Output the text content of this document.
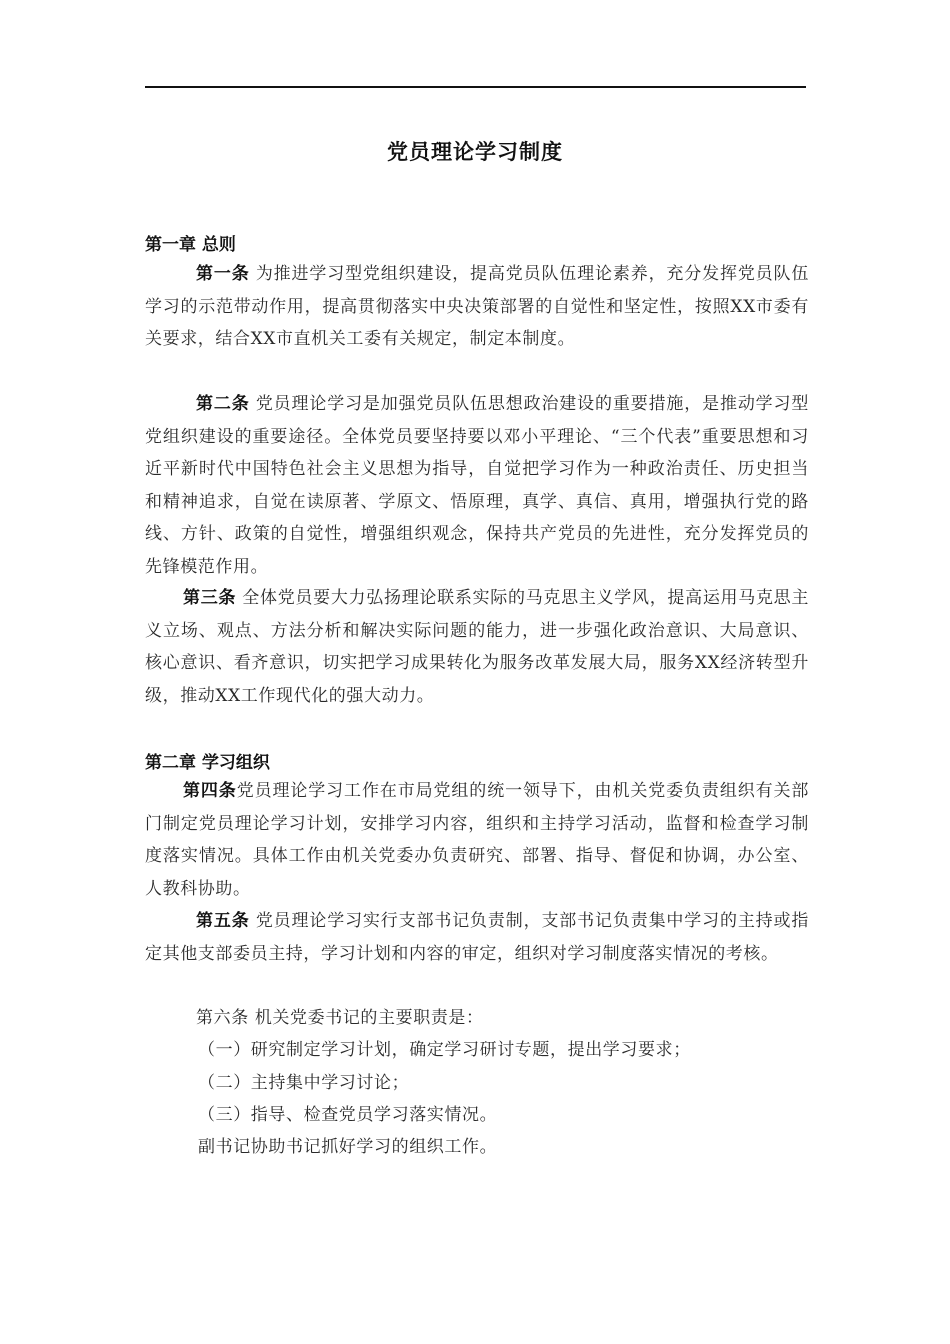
党员理论学习制度
第一章 总则

第一条 为推进学习型党组织建设，提高党员队伍理论素养，充分发挥党员队伍学习的示范带动作用，提高贯彻落实中央决策部署的自觉性和坚定性，按照XX市委有关要求，结合XX市直机关工委有关规定，制定本制度。

第二条 党员理论学习是加强党员队伍思想政治建设的重要措施，是推动学习型党组织建设的重要途径。全体党员要坚持要以邓小平理论、“三个代表”重要思想和习近平新时代中国特色社会主义思想为指导，自觉把学习作为一种政治责任、历史担当和精神追求，自觉在读原著、学原文、悟原理，真学、真信、真用，增强执行党的路线、方针、政策的自觉性，增强组织观念，保持共产党员的先进性，充分发挥党员的先锋模范作用。

第三条 全体党员要大力弘扬理论联系实际的马克思主义学风，提高运用马克思主义立场、观点、方法分析和解决实际问题的能力，进一步强化政治意识、大局意识、核心意识、看齐意识，切实把学习成果转化为服务改革发展大局，服务XX经济转型升级，推动XX工作现代化的强大动力。

第二章 学习组织

第四条党员理论学习工作在市局党组的统一领导下，由机关党委负责组织有关部门制定党员理论学习计划，安排学习内容，组织和主持学习活动，监督和检查学习制度落实情况。具体工作由机关党委办负责研究、部署、指导、督促和协调，办公室、人教科协助。

第五条 党员理论学习实行支部书记负责制，支部书记负责集中学习的主持或指定其他支部委员主持，学习计划和内容的审定，组织对学习制度落实情况的考核。

第六条 机关党委书记的主要职责是：

（一）研究制定学习计划，确定学习研讨专题，提出学习要求；
（二）主持集中学习讨论；
（三）指导、检查党员学习落实情况。
副书记协助书记抓好学习的组织工作。
